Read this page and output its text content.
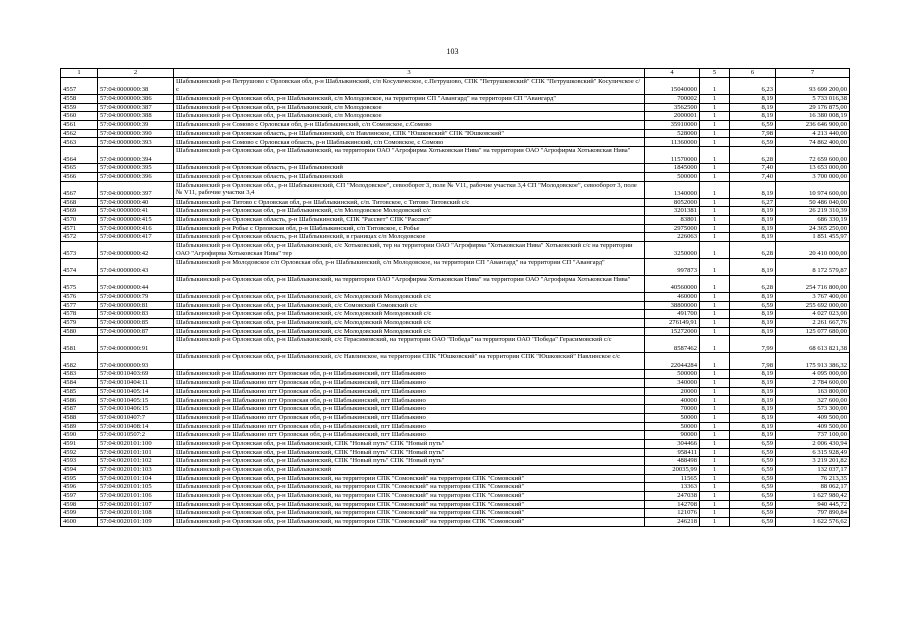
103
1	2	3	4	5	6	7
4557	57:04:0000000:38	Шаблыкинский р-н Петрушово с Орловская обл, р-н Шаблыкинский, с/п Косулическое, с.Петрушово, СПК "Петрушковский" СПК "Петрушковский" Косуличское с/с	15040000	1	6,23	93 699 200,00
4558	57:04:0000000:386	Шаблыкинский р-н Орловская обл, р-н Шаблыкинский, с/п Молодовское, на территории СП "Авангард" на территории СП "Авангард"	700002	1	8,19	5 733 016,38
4559	57:04:0000000:387	Шаблыкинский р-н Орловская обл, р-н Шаблыкинский, с/п Молодовское	3562500	1	8,19	29 176 875,00
4560	57:04:0000000:388	Шаблыкинский р-н Орловская обл, р-н Шаблыкинский, с/п Молодовское	2000001	1	8,19	16 380 008,19
4561	57:04:0000000:39	Шаблыкинский р-н Сомово с Орловская обл, р-н Шаблыкинский, с/п Сомовское, с.Сомово	35910000	1	6,59	236 646 900,00
4562	57:04:0000000:390	Шаблыкинский р-н Орловская область, р-н Шаблыкинский, с/п Навлинское, СПК "Юшковский" СПК "Юшковский"	528000	1	7,98	4 213 440,00
4563	57:04:0000000:393	Шаблыкинский р-н Сомово с Орловская область, р-н Шаблыкинский, с/п Сомовское, с Сомово	11360000	1	6,59	74 862 400,00
4564	57:04:0000000:394	Шаблыкинский р-н Орловская обл, р-н Шаблыкинский, на территории ОАО "Агрофирма Хотьковская Нива" на территории ОАО "Агрофирма Хотьковская Нива"	11570000	1	6,28	72 659 600,00
4565	57:04:0000000:395	Шаблыкинский р-н Орловская область, р-н Шаблыкинский	1845000	1	7,40	13 653 000,00
4566	57:04:0000000:396	Шаблыкинский р-н Орловская область, р-н Шаблыкинский	500000	1	7,40	3 700 000,00
4567	57:04:0000000:397	Шаблыкинский р-н Орловская обл., р-н Шаблыкинский, СП "Молодовское", севооборот 3, поле № V11, рабочие участки 3,4 СП "Молодовское", севооборот 3, поле № V11, рабочие участки 3,4	1340000	1	8,19	10 974 600,00
4568	57:04:0000000:40	Шаблыкинский р-н Титово с Орловская обл, р-н Шаблыкинский, с/п. Титовское, с Титово Титовский с/с	8052000	1	6,27	50 486 040,00
4569	57:04:0000000:41	Шаблыкинский р-н Орловская обл, р-н Шаблыкинский, с/п Молодовское Молодовский с/с	3201381	1	8,19	26 219 310,39
4570	57:04:0000000:415	Шаблыкинский р-н Орловская область, р-н Шаблыкинский, СПК "Рассвет" СПК "Рассвет"	83801	1	8,19	686 330,19
4571	57:04:0000000:416	Шаблыкинский р-н Робье с Орловская обл, р-н Шаблыкинский, с/п Титовское, с Робье	2975000	1	8,19	24 365 250,00
4572	57:04:0000000:417	Шаблыкинский р-н Орловская область, р-н Шаблыкинский, в границах с/п Молодовское	226063	1	8,19	1 851 455,97
4573	57:04:0000000:42	Шаблыкинский р-н Орловская обл, р-н Шаблыкинский, с/с Хотьковский, тер на территории ОАО "Агрофирма "Хотьковская Нива" Хотьковский с/с на территории ОАО "Агрофирма Хотьковская Нива" тер	3250000	1	6,28	20 410 000,00
4574	57:04:0000000:43	Шаблыкинский р-н Молодовское с/п Орловская обл, р-н Шаблыкинский, с/п Молодовское, на территории СП "Авангард" на территории СП "Авангард"	997873	1	8,19	8 172 579,87
4575	57:04:0000000:44	Шаблыкинский р-н Орловская обл, р-н Шаблыкинский, на территории ОАО "Агрофирма Хотьковская Нива" на территории ОАО "Агрофирма Хотьковская Нива"	40560000	1	6,28	254 716 800,00
4576	57:04:0000000:79	Шаблыкинский р-н Орловская обл, р-н Шаблыкинский, с/с Молодовский Молодовский с/с	460000	1	8,19	3 767 400,00
4577	57:04:0000000:81	Шаблыкинский р-н Орловская обл, р-н Шаблыкинский, с/с Сомовский Сомовский с/с	38800000	1	6,59	255 692 000,00
4578	57:04:0000000:83	Шаблыкинский р-н Орловская обл, р-н Шаблыкинский, с/с Молодовский Молодовский с/с	491700	1	8,19	4 027 023,00
4579	57:04:0000000:85	Шаблыкинский р-н Орловская обл, р-н Шаблыкинский, с/с Молодовский Молодовский с/с	276149,91	1	8,19	2 261 667,76
4580	57:04:0000000:87	Шаблыкинский р-н Орловская обл, р-н Шаблыкинский, с/с Молодовский Молодовский с/с	15272000	1	8,19	125 077 680,00
4581	57:04:0000000:91	Шаблыкинский р-н Орловская обл, р-н Шаблыкинский, с/с Герасимовский, на территории ОАО "Победа" на территории ОАО "Победа" Герасимовский с/с	8587462	1	7,99	68 613 821,38
4582	57:04:0000000:93	Шаблыкинский р-н Орловская обл, р-н Шаблыкинский, с/с Навлинское, на территории СПК "Юшковский" на территории СПК "Юшковский" Навлинское с/с	22044284	1	7,98	175 913 386,32
4583	57:04:0010403:69	Шаблыкинский р-н Шаблыкино пгт Орловская обл, р-н Шаблыкинский, пгт Шаблыкино	500000	1	8,19	4 095 000,00
4584	57:04:0010404:11	Шаблыкинский р-н Шаблыкино пгт Орловская обл, р-н Шаблыкинский, пгт Шаблыкино	340000	1	8,19	2 784 600,00
4585	57:04:0010405:14	Шаблыкинский р-н Шаблыкино пгт Орловская обл, р-н Шаблыкинский, пгт Шаблыкино	20000	1	8,19	163 800,00
4586	57:04:0010405:15	Шаблыкинский р-н Шаблыкино пгт Орловская обл, р-н Шаблыкинский, пгт Шаблыкино	40000	1	8,19	327 600,00
4587	57:04:0010406:15	Шаблыкинский р-н Шаблыкино пгт Орловская обл, р-н Шаблыкинский, пгт Шаблыкино	70000	1	8,19	573 300,00
4588	57:04:0010407:7	Шаблыкинский р-н Шаблыкино пгт Орловская обл, р-н Шаблыкинский, пгт Шаблыкино	50000	1	8,19	409 500,00
4589	57:04:0010408:14	Шаблыкинский р-н Шаблыкино пгт Орловская обл, р-н Шаблыкинский, пгт Шаблыкино	50000	1	8,19	409 500,00
4590	57:04:0010507:2	Шаблыкинский р-н Шаблыкино пгт Орловская обл, р-н Шаблыкинский, пгт Шаблыкино	90000	1	8,19	737 100,00
4591	57:04:0020101:100	Шаблыкинский р-н Орловская обл, р-н Шаблыкинский, СПК "Новый путь" СПК "Новый путь"	304466	1	6,59	2 006 430,94
4592	57:04:0020101:101	Шаблыкинский р-н Орловская обл, р-н Шаблыкинский, СПК "Новый путь" СПК "Новый путь"	958411	1	6,59	6 315 928,49
4593	57:04:0020101:102	Шаблыкинский р-н Орловская обл, р-н Шаблыкинский, СПК "Новый путь" СПК "Новый путь"	488498	1	6,59	3 219 201,82
4594	57:04:0020101:103	Шаблыкинский р-н Орловская обл, р-н Шаблыкинский	20035,99	1	6,59	132 037,17
4595	57:04:0020101:104	Шаблыкинский р-н Орловская обл, р-н Шаблыкинский, на территории СПК "Сомовский" на территории СПК "Сомовский"	11565	1	6,59	76 213,35
4596	57:04:0020101:105	Шаблыкинский р-н Орловская обл, р-н Шаблыкинский, на территории СПК "Сомовский" на территории СПК "Сомовский"	13363	1	6,59	88 062,17
4597	57:04:0020101:106	Шаблыкинский р-н Орловская обл, р-н Шаблыкинский, на территории СПК "Сомовский" на территории СПК "Сомовский"	247038	1	6,59	1 627 980,42
4598	57:04:0020101:107	Шаблыкинский р-н Орловская обл, р-н Шаблыкинский, на территории СПК "Сомовский" на территории СПК "Сомовский"	142708	1	6,59	940 445,72
4599	57:04:0020101:108	Шаблыкинский р-н Орловская обл, р-н Шаблыкинский, на территории СПК "Сомовский" на территории СПК "Сомовский"	121076	1	6,59	797 890,84
4600	57:04:0020101:109	Шаблыкинский р-н Орловская обл, р-н Шаблыкинский, на территории СПК "Сомовский" на территории СПК "Сомовский"	246218	1	6,59	1 622 576,62
